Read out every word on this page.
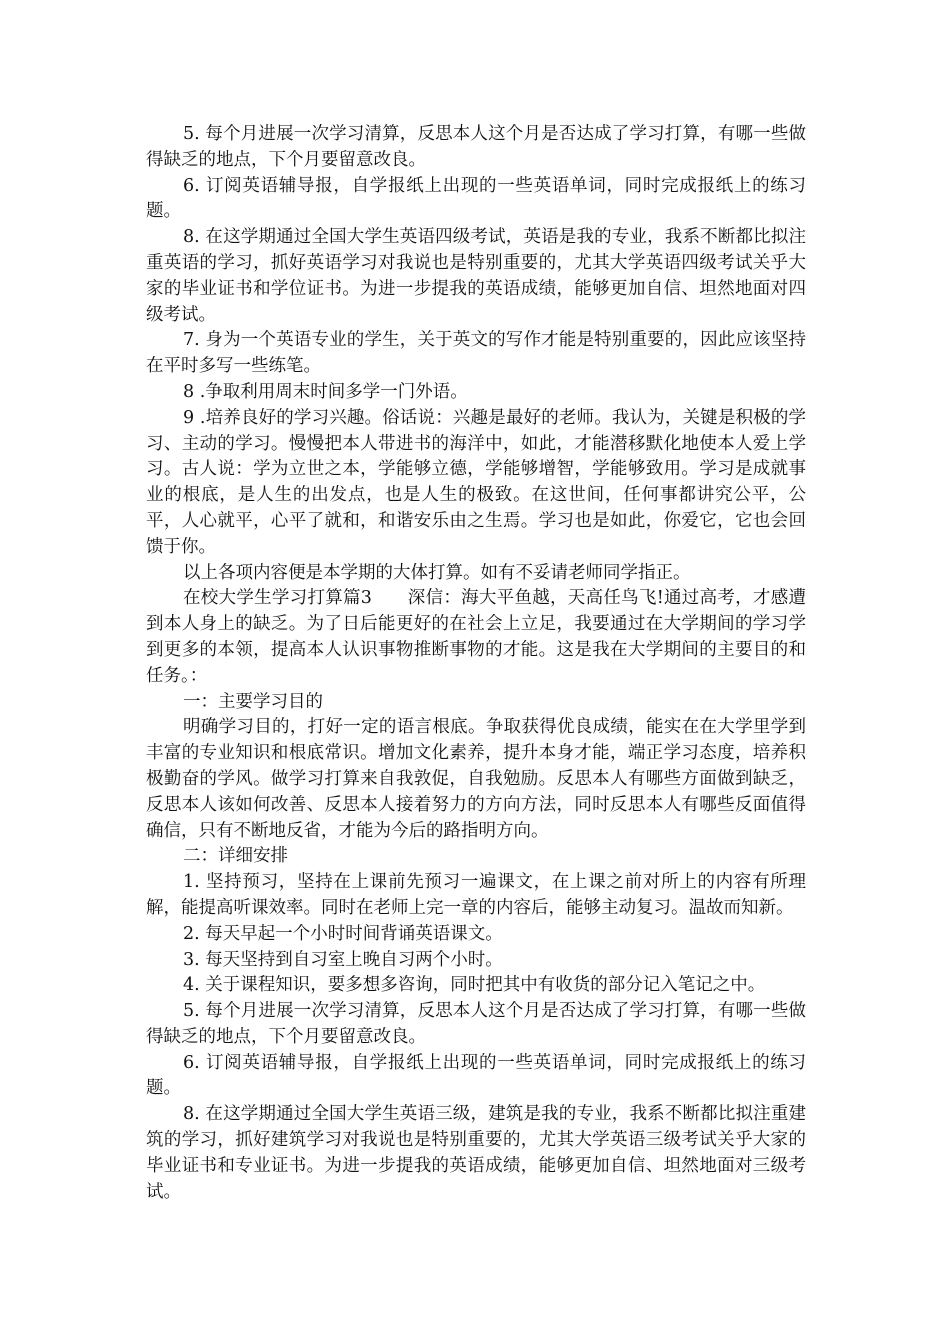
5. 每个月进展一次学习清算，反思本人这个月是否达成了学习打算，有哪一些做得缺乏的地点，下个月要留意改良。

6. 订阅英语辅导报，自学报纸上出现的一些英语单词，同时完成报纸上的练习题。

8. 在这学期通过全国大学生英语四级考试，英语是我的专业，我系不断都比拟注重英语的学习，抓好英语学习对我说也是特别重要的，尤其大学英语四级考试关乎大家的毕业证书和学位证书。为进一步提我的英语成绩，能够更加自信、坦然地面对四级考试。

7. 身为一个英语专业的学生，关于英文的写作才能是特别重要的，因此应该坚持在平时多写一些练笔。

8 .争取利用周末时间多学一门外语。

9 .培养良好的学习兴趣。俗话说：兴趣是最好的老师。我认为，关键是积极的学习、主动的学习。慢慢把本人带进书的海洋中，如此，才能潜移默化地使本人爱上学习。古人说：学为立世之本，学能够立德，学能够增智，学能够致用。学习是成就事业的根底，是人生的出发点，也是人生的极致。在这世间，任何事都讲究公平，公平，人心就平，心平了就和，和谐安乐由之生焉。学习也是如此，你爱它，它也会回馈于你。

以上各项内容便是本学期的大体打算。如有不妥请老师同学指正。

在校大学生学习打算篇3　　深信：海大平鱼越，天高任鸟飞!通过高考，才感遭到本人身上的缺乏。为了日后能更好的在社会上立足，我要通过在大学期间的学习学到更多的本领，提高本人认识事物推断事物的才能。这是我在大学期间的主要目的和任务。：

一：主要学习目的

明确学习目的，打好一定的语言根底。争取获得优良成绩，能实在在大学里学到丰富的专业知识和根底常识。增加文化素养，提升本身才能，端正学习态度，培养积极勤奋的学风。做学习打算来自我敦促，自我勉励。反思本人有哪些方面做到缺乏，反思本人该如何改善、反思本人接着努力的方向方法，同时反思本人有哪些反面值得确信，只有不断地反省，才能为今后的路指明方向。

二：详细安排

1. 坚持预习，坚持在上课前先预习一遍课文，在上课之前对所上的内容有所理解，能提高听课效率。同时在老师上完一章的内容后，能够主动复习。温故而知新。

2. 每天早起一个小时时间背诵英语课文。

3. 每天坚持到自习室上晚自习两个小时。

4. 关于课程知识，要多想多咨询，同时把其中有收货的部分记入笔记之中。

5. 每个月进展一次学习清算，反思本人这个月是否达成了学习打算，有哪一些做得缺乏的地点，下个月要留意改良。

6. 订阅英语辅导报，自学报纸上出现的一些英语单词，同时完成报纸上的练习题。

8. 在这学期通过全国大学生英语三级，建筑是我的专业，我系不断都比拟注重建筑的学习，抓好建筑学习对我说也是特别重要的，尤其大学英语三级考试关乎大家的毕业证书和专业证书。为进一步提我的英语成绩，能够更加自信、坦然地面对三级考试。
